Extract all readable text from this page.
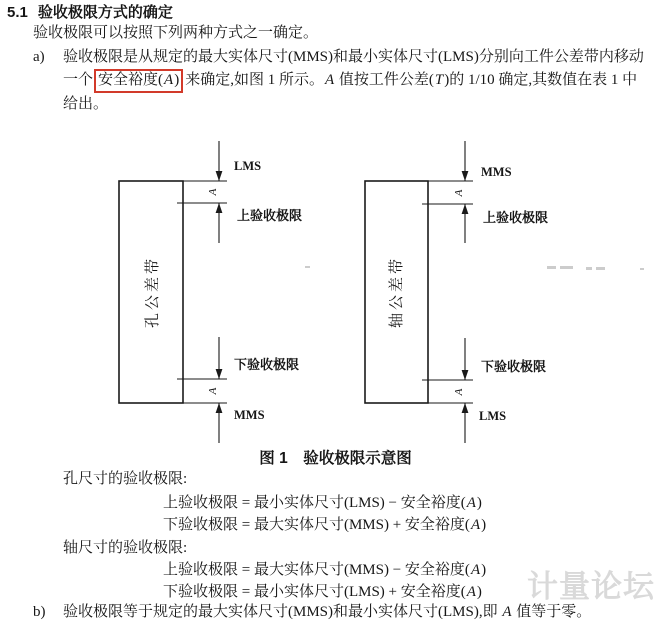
5.1 验收极限方式的确定
验收极限可以按照下列两种方式之一确定。
a) 验收极限是从规定的最大实体尺寸(MMS)和最小实体尺寸(LMS)分别向工件公差带内移动
一个 安全裕度(A) 来确定,如图 1 所示。A 值按工件公差(T)的 1/10 确定,其数值在表 1 中
给出。
孔公差带
A
A
LMS
上验收极限
下验收极限
MMS
轴公差带
A
A
MMS
上验收极限
下验收极限
LMS
图 1　验收极限示意图
孔尺寸的验收极限:
上验收极限 = 最小实体尺寸(LMS) − 安全裕度(A)
下验收极限 = 最大实体尺寸(MMS) + 安全裕度(A)
轴尺寸的验收极限:
上验收极限 = 最大实体尺寸(MMS) − 安全裕度(A)
下验收极限 = 最小实体尺寸(LMS) + 安全裕度(A)
b) 验收极限等于规定的最大实体尺寸(MMS)和最小实体尺寸(LMS),即 A 值等于零。
计量论坛
